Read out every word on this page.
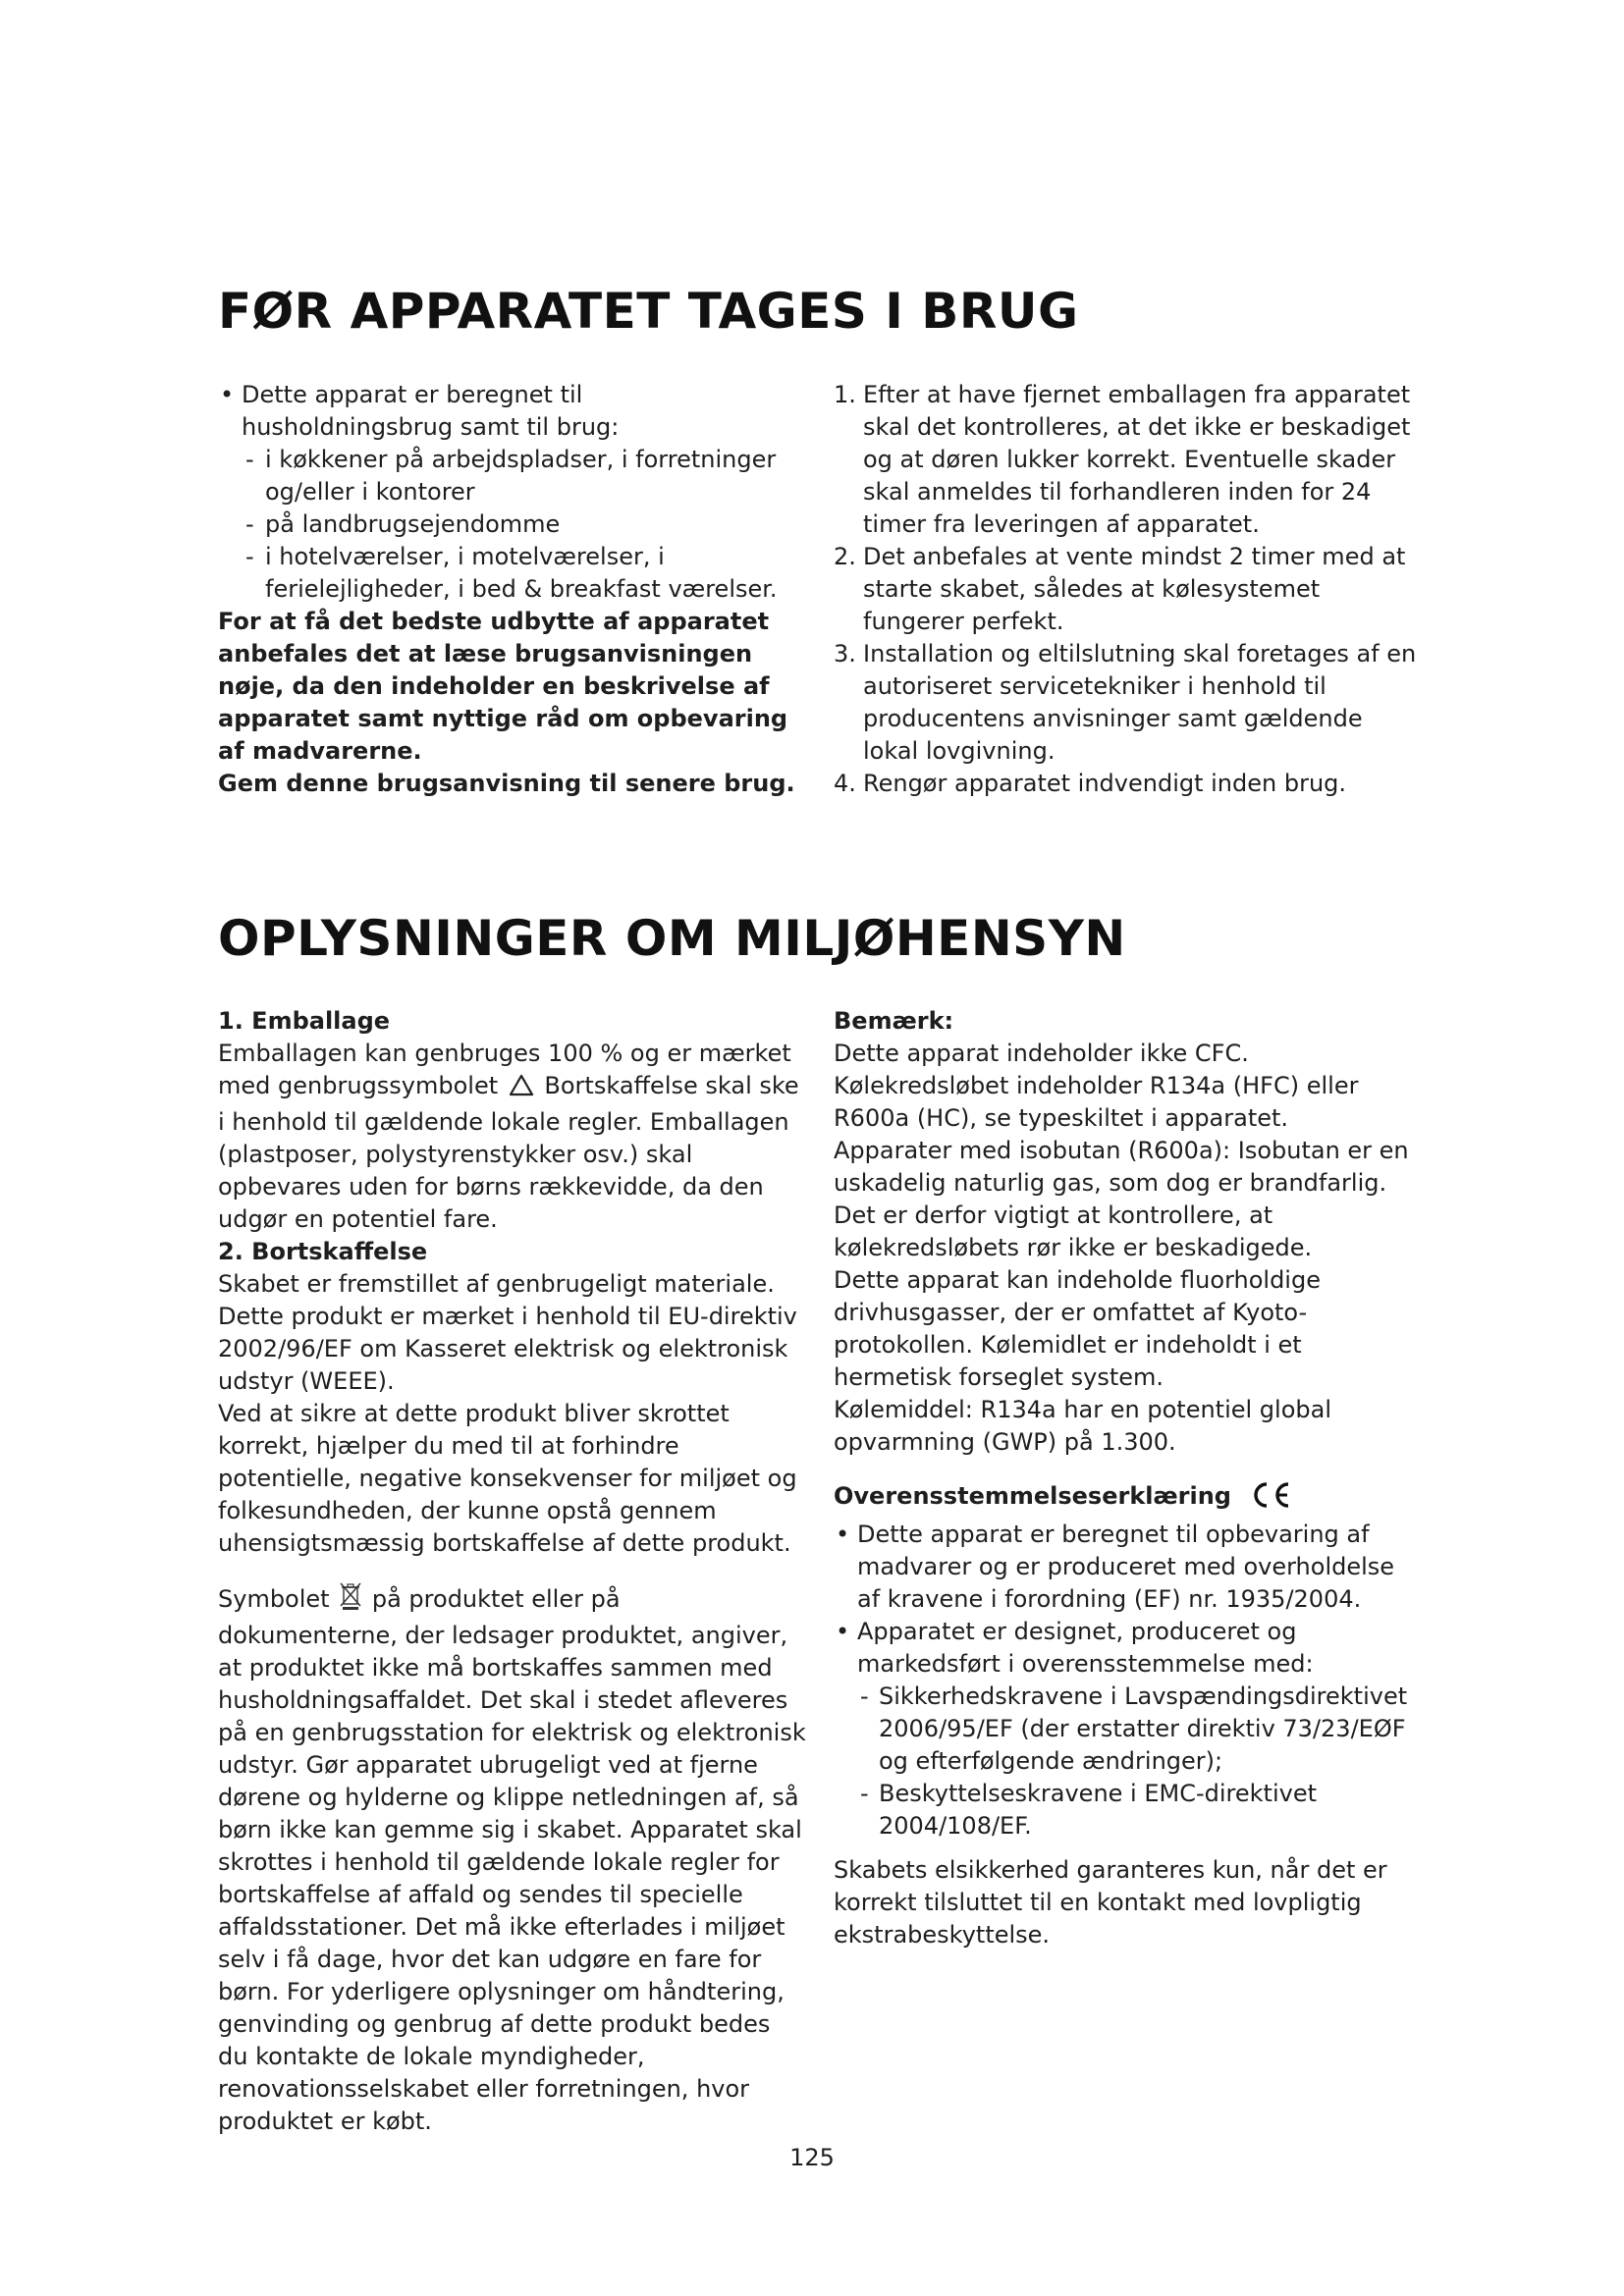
FØR APPARATET TAGES I BRUG
• Dette apparat er beregnet til husholdningsbrug samt til brug:
- i køkkener på arbejdspladser, i forretninger og/eller i kontorer
- på landbrugsejendomme
- i hotelværelser, i motelværelser, i ferielejligheder, i bed & breakfast værelser.

For at få det bedste udbytte af apparatet anbefales det at læse brugsanvisningen nøje, da den indeholder en beskrivelse af apparatet samt nyttige råd om opbevaring af madvarerne.

Gem denne brugsanvisning til senere brug.

1. Efter at have fjernet emballagen fra apparatet skal det kontrolleres, at det ikke er beskadiget og at døren lukker korrekt. Eventuelle skader skal anmeldes til forhandleren inden for 24 timer fra leveringen af apparatet.
2. Det anbefales at vente mindst 2 timer med at starte skabet, således at kølesystemet fungerer perfekt.
3. Installation og eltilslutning skal foretages af en autoriseret servicetekniker i henhold til producentens anvisninger samt gældende lokal lovgivning.
4. Rengør apparatet indvendigt inden brug.
OPLYSNINGER OM MILJØHENSYN

1. Emballage

Emballagen kan genbruges 100 % og er mærket med genbrugssymbolet Bortskaffelse skal ske i henhold til gældende lokale regler. Emballagen (plastposer, polystyrenstykker osv.) skal opbevares uden for børns rækkevidde, da den udgør en potentiel fare.

2. Bortskaffelse

Skabet er fremstillet af genbrugeligt materiale.

Dette produkt er mærket i henhold til EU-direktiv 2002/96/EF om Kasseret elektrisk og elektronisk udstyr (WEEE).

Ved at sikre at dette produkt bliver skrottet korrekt, hjælper du med til at forhindre potentielle, negative konsekvenser for miljøet og folkesundheden, der kunne opstå gennem uhensigtsmæssig bortskaffelse af dette produkt.

Symbolet på produktet eller på dokumenterne, der ledsager produktet, angiver, at produktet ikke må bortskaffes sammen med husholdningsaffaldet. Det skal i stedet afleveres på en genbrugsstation for elektrisk og elektronisk udstyr. Gør apparatet ubrugeligt ved at fjerne dørene og hylderne og klippe netledningen af, så børn ikke kan gemme sig i skabet. Apparatet skal skrottes i henhold til gældende lokale regler for bortskaffelse af affald og sendes til specielle affaldsstationer. Det må ikke efterlades i miljøet selv i få dage, hvor det kan udgøre en fare for børn. For yderligere oplysninger om håndtering, genvinding og genbrug af dette produkt bedes du kontakte de lokale myndigheder, renovationsselskabet eller forretningen, hvor produktet er købt.

Bemærk:

Dette apparat indeholder ikke CFC.

Kølekredsløbet indeholder R134a (HFC) eller R600a (HC), se typeskiltet i apparatet.

Apparater med isobutan (R600a): Isobutan er en uskadelig naturlig gas, som dog er brandfarlig. Det er derfor vigtigt at kontrollere, at kølekredsløbets rør ikke er beskadigede.

Dette apparat kan indeholde fluorholdige drivhusgasser, der er omfattet af Kyoto-protokollen. Kølemidlet er indeholdt i et hermetisk forseglet system.

Kølemiddel: R134a har en potentiel global opvarmning (GWP) på 1.300.

Overensstemmelseserklæring

• Dette apparat er beregnet til opbevaring af madvarer og er produceret med overholdelse af kravene i forordning (EF) nr. 1935/2004.
• Apparatet er designet, produceret og markedsført i overensstemmelse med:
- Sikkerhedskravene i Lavspændingsdirektivet 2006/95/EF (der erstatter direktiv 73/23/EØF og efterfølgende ændringer);
- Beskyttelseskravene i EMC-direktivet 2004/108/EF.

Skabets elsikkerhed garanteres kun, når det er korrekt tilsluttet til en kontakt med lovpligtig ekstrabeskyttelse.

125
